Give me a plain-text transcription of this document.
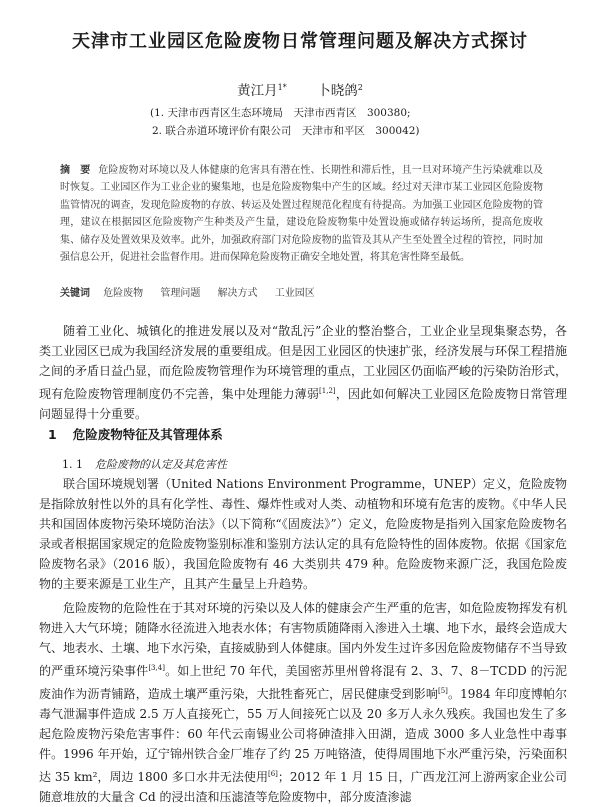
天津市工业园区危险废物日常管理问题及解决方式探讨
黄江月$^{1*}$ 卜晓鸽$^2$
(1. 天津市西青区生态环境局　天津市西青区　300380;
2. 联合赤道环境评价有限公司　天津市和平区　300042)
摘　要 危险废物对环境以及人体健康的危害具有潜在性、长期性和滞后性，且一旦对环境产生污染就难以及时恢复。工业园区作为工业企业的聚集地，也是危险废物集中产生的区域。经过对天津市某工业园区危险废物监管情况的调查，发现危险废物的存放、转运及处置过程规范化程度有待提高。为加强工业园区危险废物的管理，建议在根据园区危险废物产生种类及产生量，建设危险废物集中处置设施或储存转运场所，提高危废收集、储存及处置效果及效率。此外，加强政府部门对危险废物的监管及其从产生至处置全过程的管控，同时加强信息公开，促进社会监督作用。进而保障危险废物正确安全地处置，将其危害性降至最低。
关键词 危险废物 管理问题 解决方式 工业园区
随着工业化、城镇化的推进发展以及对“散乱污”企业的整治整合，工业企业呈现集聚态势，各类工业园区已成为我国经济发展的重要组成。但是因工业园区的快速扩张，经济发展与环保工程措施之间的矛盾日益凸显，而危险废物管理作为环境管理的重点，工业园区仍面临严峻的污染防治形式，现有危险废物管理制度仍不完善，集中处理能力薄弱[1,2]，因此如何解决工业园区危险废物日常管理问题显得十分重要。
1 危险废物特征及其管理体系
1. 1 危险废物的认定及其危害性
联合国环境规划署（United Nations Environment Programme，UNEP）定义，危险废物是指除放射性以外的具有化学性、毒性、爆炸性或对人类、动植物和环境有危害的废物。《中华人民共和国固体废物污染环境防治法》（以下简称“《固废法》”）定义，危险废物是指列入国家危险废物名录或者根据国家规定的危险废物鉴别标准和鉴别方法认定的具有危险特性的固体废物。依据《国家危险废物名录》（2016 版），我国危险废物有 46 大类别共 479 种。危险废物来源广泛，我国危险废物的主要来源是工业生产，且其产生量呈上升趋势。
危险废物的危险性在于其对环境的污染以及人体的健康会产生严重的危害，如危险废物挥发有机物进入大气环境；随降水径流进入地表水体；有害物质随降雨入渗进入土壤、地下水，最终会造成大气、地表水、土壤、地下水污染，直接威胁到人体健康。国内外发生过许多因危险废物储存不当导致的严重环境污染事件[3,4]。如上世纪 70 年代，美国密苏里州曾将混有 2、3、7、8－TCDD 的污泥废油作为沥青铺路，造成土壤严重污染，大批牲畜死亡，居民健康受到影响[5]。1984 年印度博帕尔毒气泄漏事件造成 2.5 万人直接死亡，55 万人间接死亡以及 20 多万人永久残疾。我国也发生了多起危险废物污染危害事件：60 年代云南锡业公司将砷渣排入田湖，造成 3000 多人业急性中毒事件。1996 年开始，辽宁锦州铁合金厂堆存了约 25 万吨铬渣，使得周围地下水严重污染，污染面积达 35 km²，周边 1800 多口水井无法使用[6]；2012 年 1 月 15 日，广西龙江河上游两家企业公司随意堆放的大量含 Cd 的浸出渣和压滤渣等危险废物中，部分废渣渗滤
